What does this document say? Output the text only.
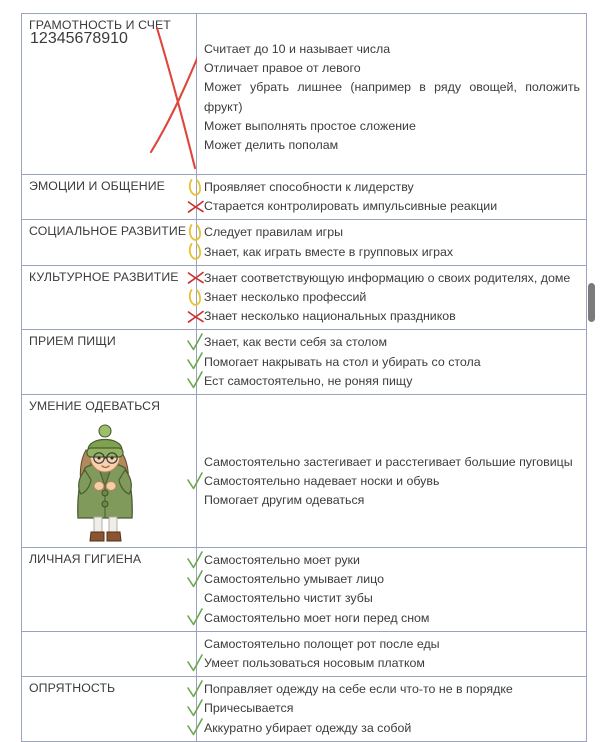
ГРАМОТНОСТЬ И СЧЕТ
12345678910

Считает до 10 и называет числа
Отличает правое от левого
Может убрать лишнее (например в ряду овощей, положить фрукт)
Может выполнять простое сложение
Может делить пополам

ЭМОЦИИ И ОБЩЕНИЕ	Проявляет способности к лидерству
Старается контролировать импульсивные реакции

СОЦИАЛЬНОЕ РАЗВИТИЕ	Следует правилам игры
Знает, как играть вместе в групповых играх

КУЛЬТУРНОЕ РАЗВИТИЕ	Знает соответствующую информацию о своих родителях, доме
Знает несколько профессий
Знает несколько национальных праздников

ПРИЕМ ПИЩИ	Знает, как вести себя за столом
Помогает накрывать на стол и убирать со стола
Ест самостоятельно, не роняя пищу

УМЕНИЕ ОДЕВАТЬСЯ	Самостоятельно застегивает и расстегивает большие пуговицы
Самостоятельно надевает носки и обувь
Помогает другим одеваться

ЛИЧНАЯ ГИГИЕНА	Самостоятельно моет руки
Самостоятельно умывает лицо
Самостоятельно чистит зубы
Самостоятельно моет ноги перед сном

	Самостоятельно полощет рот после еды
Умеет пользоваться носовым платком

ОПРЯТНОСТЬ	Поправляет одежду на себе если что-то не в порядке
Причесывается
Аккуратно убирает одежду за собой
